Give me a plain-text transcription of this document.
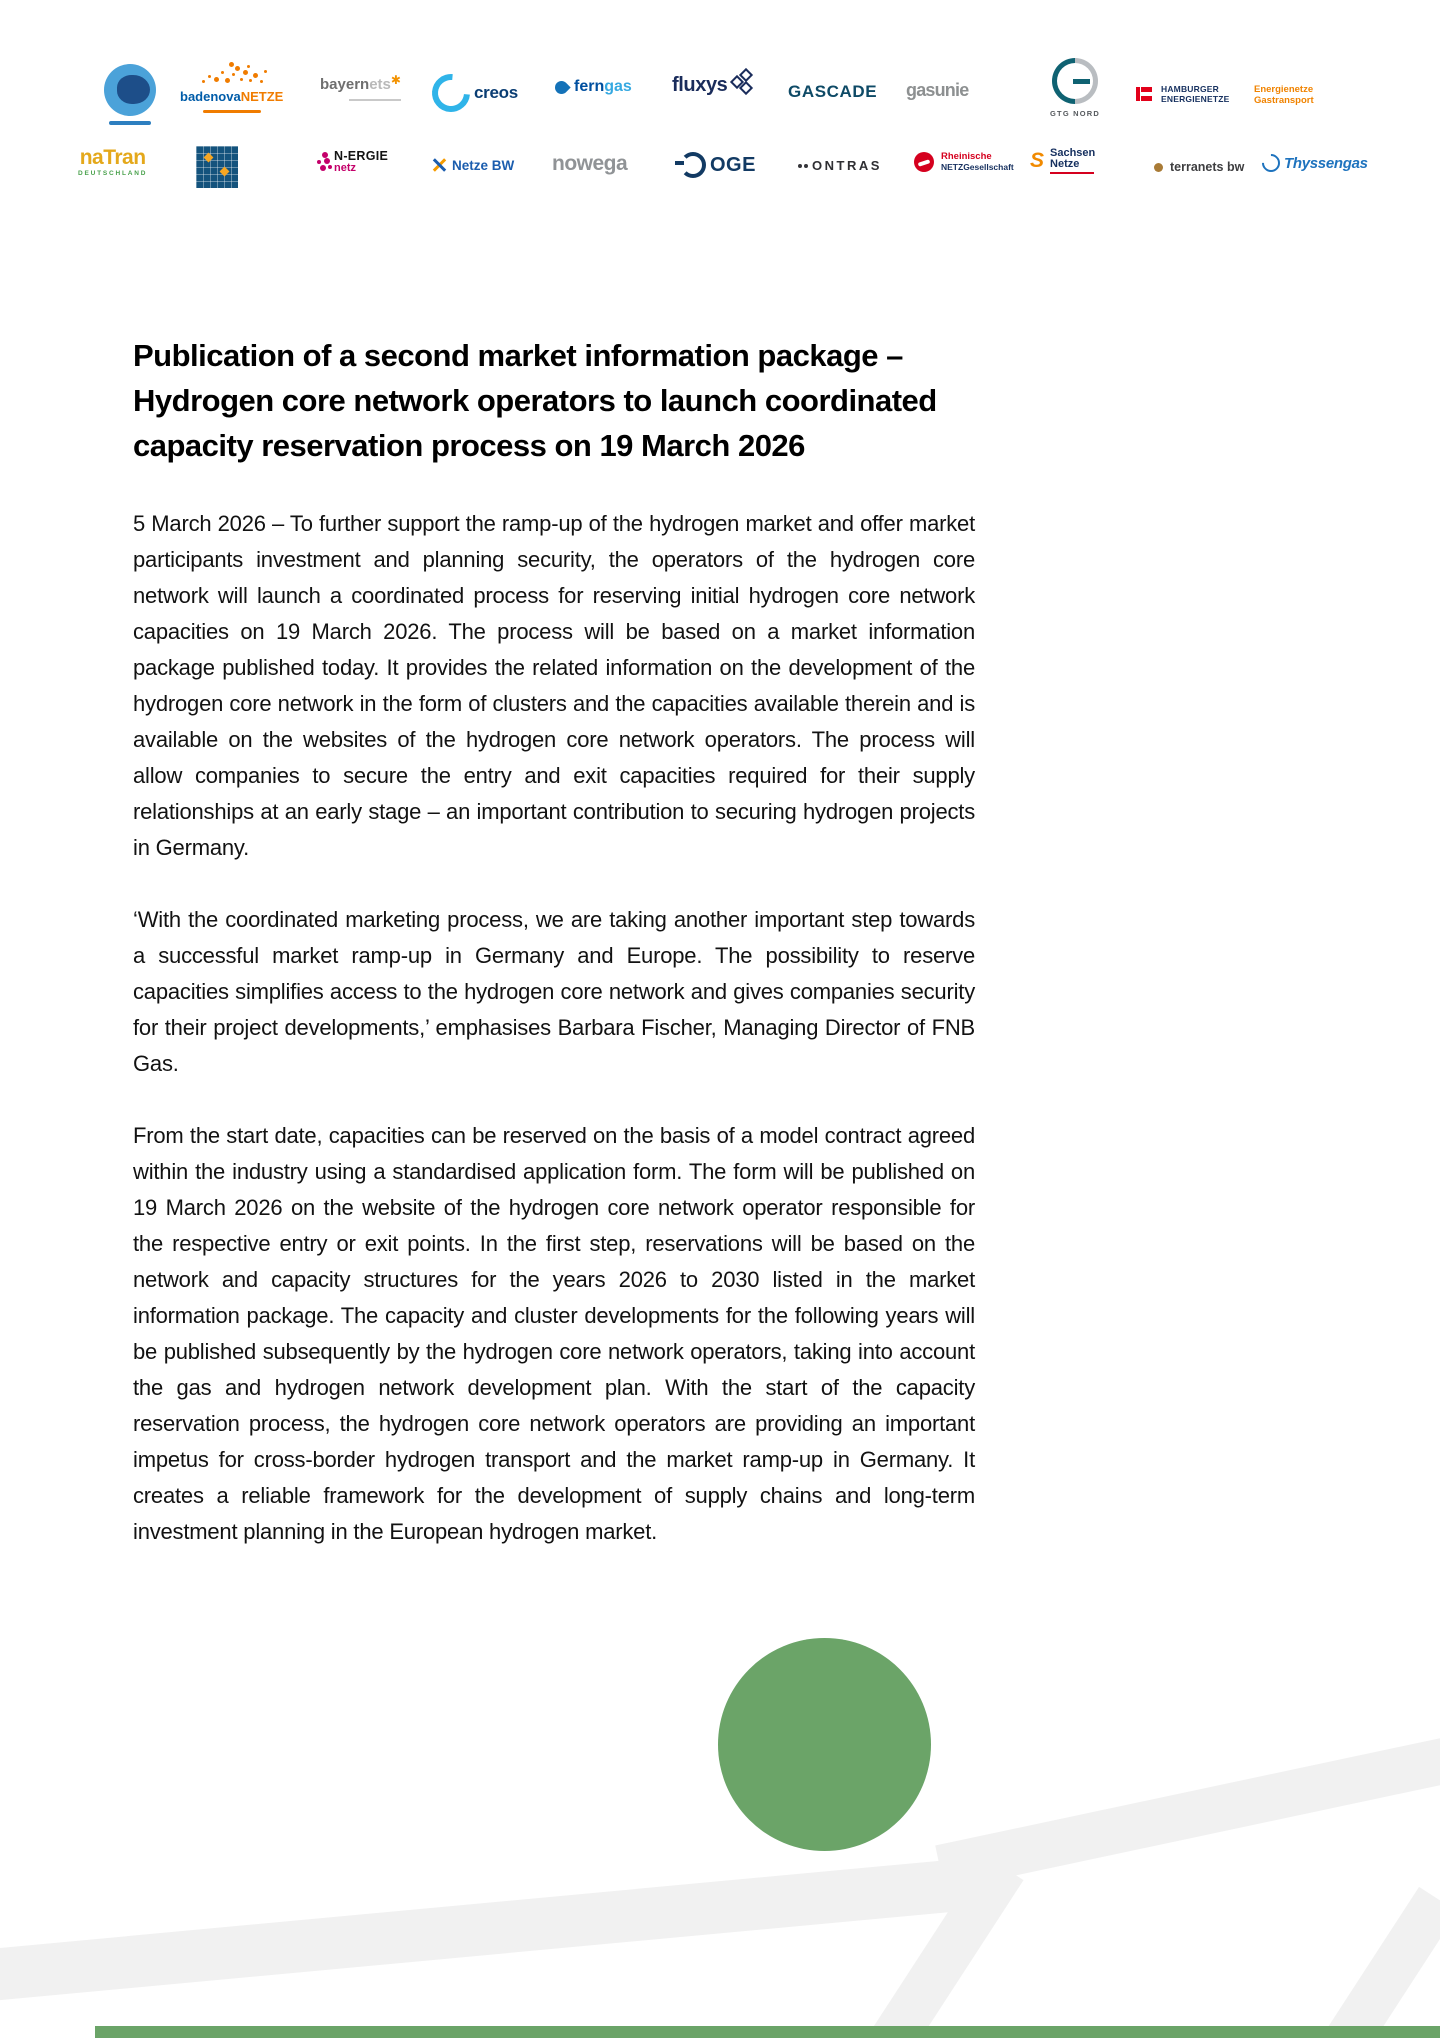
badenovaNETZE
bayernets✱
creos	ferngas fluxys	GASCADE gasunie
GTG NORD
HAMBURGER
ENERGIENETZE
Energienetze
Gastransport
naTran
DEUTSCHLAND
N-ERGIE
netz	Netze BW nowega	OGE	ONTRAS
Rheinische
NETZGesellschaft S Sachsen
Netze	terranets bw	Thyssengas
Publication of a second market information package –
Hydrogen core network operators to launch coordinated
capacity reservation process on 19 March 2026

5 March 2026 – To further support the ramp-up of the hydrogen market and offer market participants investment and planning security, the operators of the hydrogen core network will launch a coordinated process for reserving initial hydrogen core network capacities on 19 March 2026. The process will be based on a market information package published today. It provides the related information on the development of the hydrogen core network in the form of clusters and the capacities available therein and is available on the websites of the hydrogen core network operators. The process will allow companies to secure the entry and exit capacities required for their supply relationships at an early stage – an important contribution to securing hydrogen projects in Germany.

‘With the coordinated marketing process, we are taking another important step towards a successful market ramp-up in Germany and Europe. The possibility to reserve capacities simplifies access to the hydrogen core network and gives companies security for their project developments,’ emphasises Barbara Fischer, Managing Director of FNB Gas.

From the start date, capacities can be reserved on the basis of a model contract agreed within the industry using a standardised application form. The form will be published on 19 March 2026 on the website of the hydrogen core network operator responsible for the respective entry or exit points. In the first step, reservations will be based on the network and capacity structures for the years 2026 to 2030 listed in the market information package. The capacity and cluster developments for the following years will be published subsequently by the hydrogen core network operators, taking into account the gas and hydrogen network development plan. With the start of the capacity reservation process, the hydrogen core network operators are providing an important impetus for cross-border hydrogen transport and the market ramp-up in Germany. It creates a reliable framework for the development of supply chains and long-term investment planning in the European hydrogen market.
